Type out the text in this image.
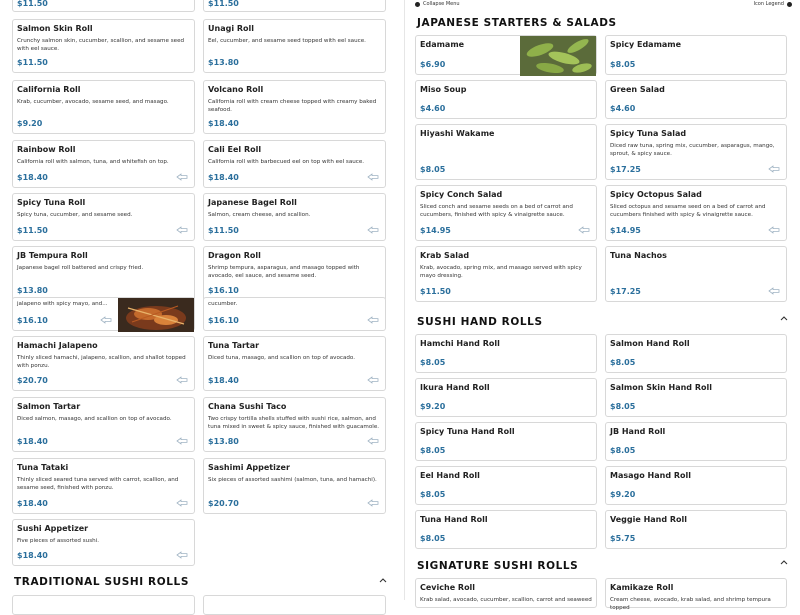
$11.50	$11.50
Salmon Skin Roll
Crunchy salmon skin, cucumber, scallion, and sesame seed with eel sauce.
$11.50
Unagi Roll
Eel, cucumber, and sesame seed topped with eel sauce.
$13.80
California Roll
Krab, cucumber, avocado, sesame seed, and masago.
$9.20
Volcano Roll
California roll with cream cheese topped with creamy baked seafood.
$18.40
Rainbow Roll
California roll with salmon, tuna, and whitefish on top.
$18.40
Cali Eel Roll
California roll with barbecued eel on top with eel sauce.
$18.40
Spicy Tuna Roll
Spicy tuna, cucumber, and sesame seed.
$11.50
Japanese Bagel Roll
Salmon, cream cheese, and scallion.
$11.50
JB Tempura Roll
Japanese bagel roll battered and crispy fried.
$13.80
Dragon Roll
Shrimp tempura, asparagus, and masago topped with avocado, eel sauce, and sesame seed.
$16.10
jalapeno with spicy mayo, and...
$16.10
cucumber.
$16.10
Hamachi Jalapeno
Thinly sliced hamachi, jalapeno, scallion, and shallot topped with ponzu.
$20.70
Tuna Tartar
Diced tuna, masago, and scallion on top of avocado.
$18.40
Salmon Tartar
Diced salmon, masago, and scallion on top of avocado.
$18.40
Chana Sushi Taco
Two crispy tortilla shells stuffed with sushi rice, salmon, and tuna mixed in sweet & spicy sauce, finished with guacamole.
$13.80
Tuna Tataki
Thinly sliced seared tuna served with carrot, scallion, and sesame seed, finished with ponzu.
$18.40
Sashimi Appetizer
Six pieces of assorted sashimi (salmon, tuna, and hamachi).
$20.70
Sushi Appetizer
Five pieces of assorted sushi.
$18.40
TRADITIONAL SUSHI ROLLS
Collapse Menu	Icon Legend
JAPANESE STARTERS & SALADS
Edamame
$6.90
Spicy Edamame
$8.05
Miso Soup
$4.60
Green Salad
$4.60
Hiyashi Wakame
$8.05
Spicy Tuna Salad
Diced raw tuna, spring mix, cucumber, asparagus, mango, sprout, & spicy sauce.
$17.25
Spicy Conch Salad
Sliced conch and sesame seeds on a bed of carrot and cucumbers, finished with spicy & vinaigrette sauce.
$14.95
Spicy Octopus Salad
Sliced octopus and sesame seed on a bed of carrot and cucumbers finished with spicy & vinaigrette sauce.
$14.95
Krab Salad
Krab, avocado, spring mix, and masago served with spicy mayo dressing.
$11.50
Tuna Nachos
$17.25
SUSHI HAND ROLLS
Hamchi Hand Roll
$8.05
Salmon Hand Roll
$8.05
Ikura Hand Roll
$9.20
Salmon Skin Hand Roll
$8.05
Spicy Tuna Hand Roll
$8.05
JB Hand Roll
$8.05
Eel Hand Roll
$8.05
Masago Hand Roll
$9.20
Tuna Hand Roll
$8.05
Veggie Hand Roll
$5.75
SIGNATURE SUSHI ROLLS
Ceviche Roll
Krab salad, avocado, cucumber, scallion, carrot and seaweed
Kamikaze Roll
Cream cheese, avocado, krab salad, and shrimp tempura topped
